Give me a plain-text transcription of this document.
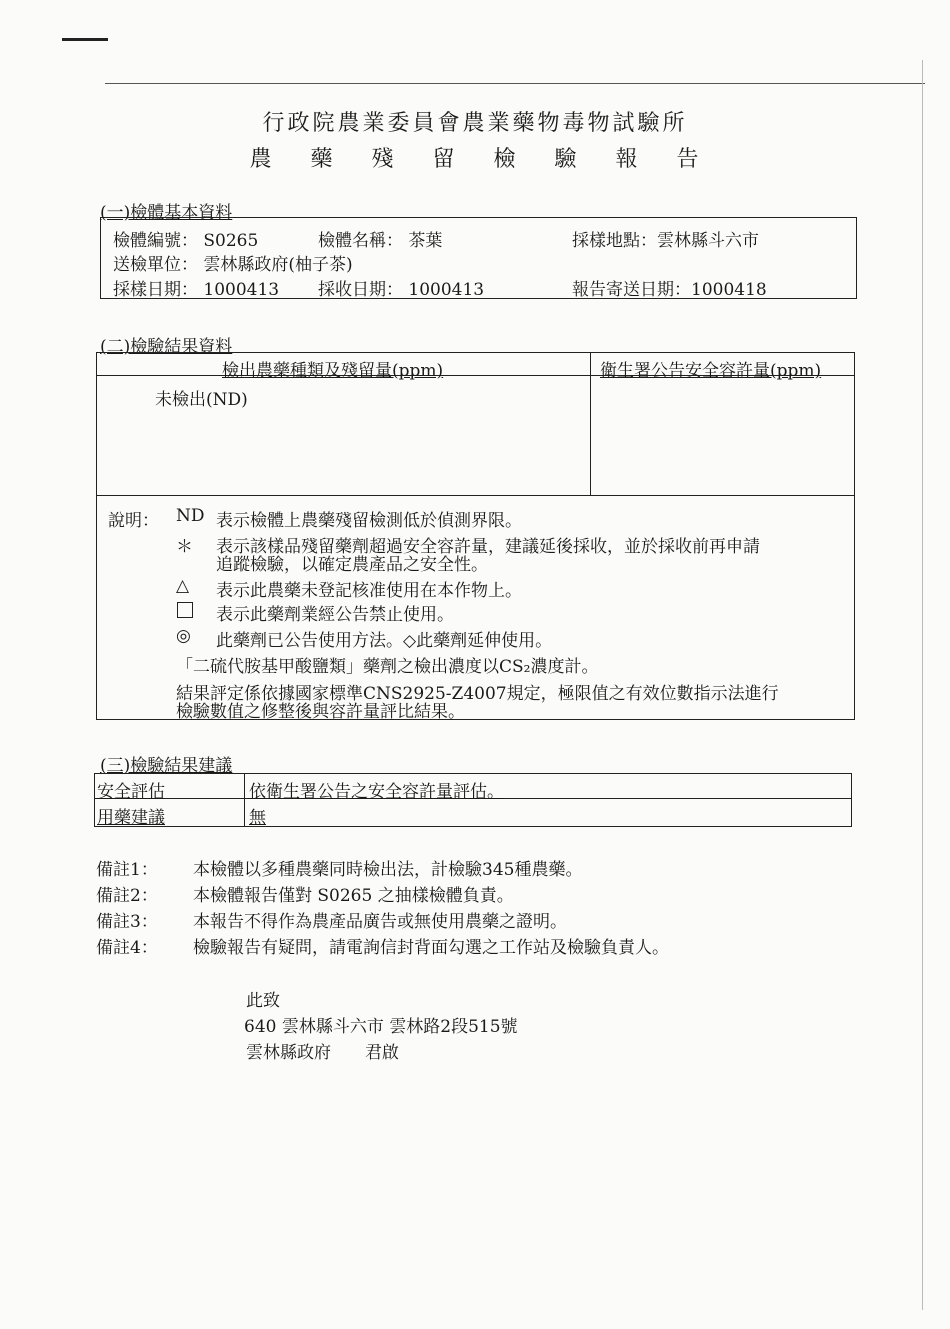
行政院農業委員會農業藥物毒物試驗所
農 藥 殘 留 檢 驗 報 告
(一)檢體基本資料
檢體編號： S0265	檢體名稱： 茶葉	採樣地點：雲林縣斗六市
送檢單位： 雲林縣政府(柚子茶)
採樣日期： 1000413 採收日期： 1000413	報告寄送日期：1000418
(二)檢驗結果資料
檢出農藥種類及殘留量(ppm)	衛生署公告安全容許量(ppm)
未檢出(ND)
說明： ND 表示檢體上農藥殘留檢測低於偵測界限。
＊ 表示該樣品殘留藥劑超過安全容許量，建議延後採收，並於採收前再申請
追蹤檢驗，以確定農產品之安全性。
△ 表示此農藥未登記核准使用在本作物上。
表示此藥劑業經公告禁止使用。
◎ 此藥劑已公告使用方法。◇此藥劑延伸使用。
「二硫代胺基甲酸鹽類」藥劑之檢出濃度以CS₂濃度計。
結果評定係依據國家標準CNS2925-Z4007規定，極限值之有效位數指示法進行
檢驗數值之修整後與容許量評比結果。
(三)檢驗結果建議
安全評估	依衛生署公告之安全容許量評估。
用藥建議	無
備註1： 本檢體以多種農藥同時檢出法，計檢驗345種農藥。
備註2： 本檢體報告僅對 S0265 之抽樣檢體負責。
備註3： 本報告不得作為農產品廣告或無使用農藥之證明。
備註4： 檢驗報告有疑問，請電詢信封背面勾選之工作站及檢驗負責人。
此致
640 雲林縣斗六市 雲林路2段515號
雲林縣政府　　君啟
